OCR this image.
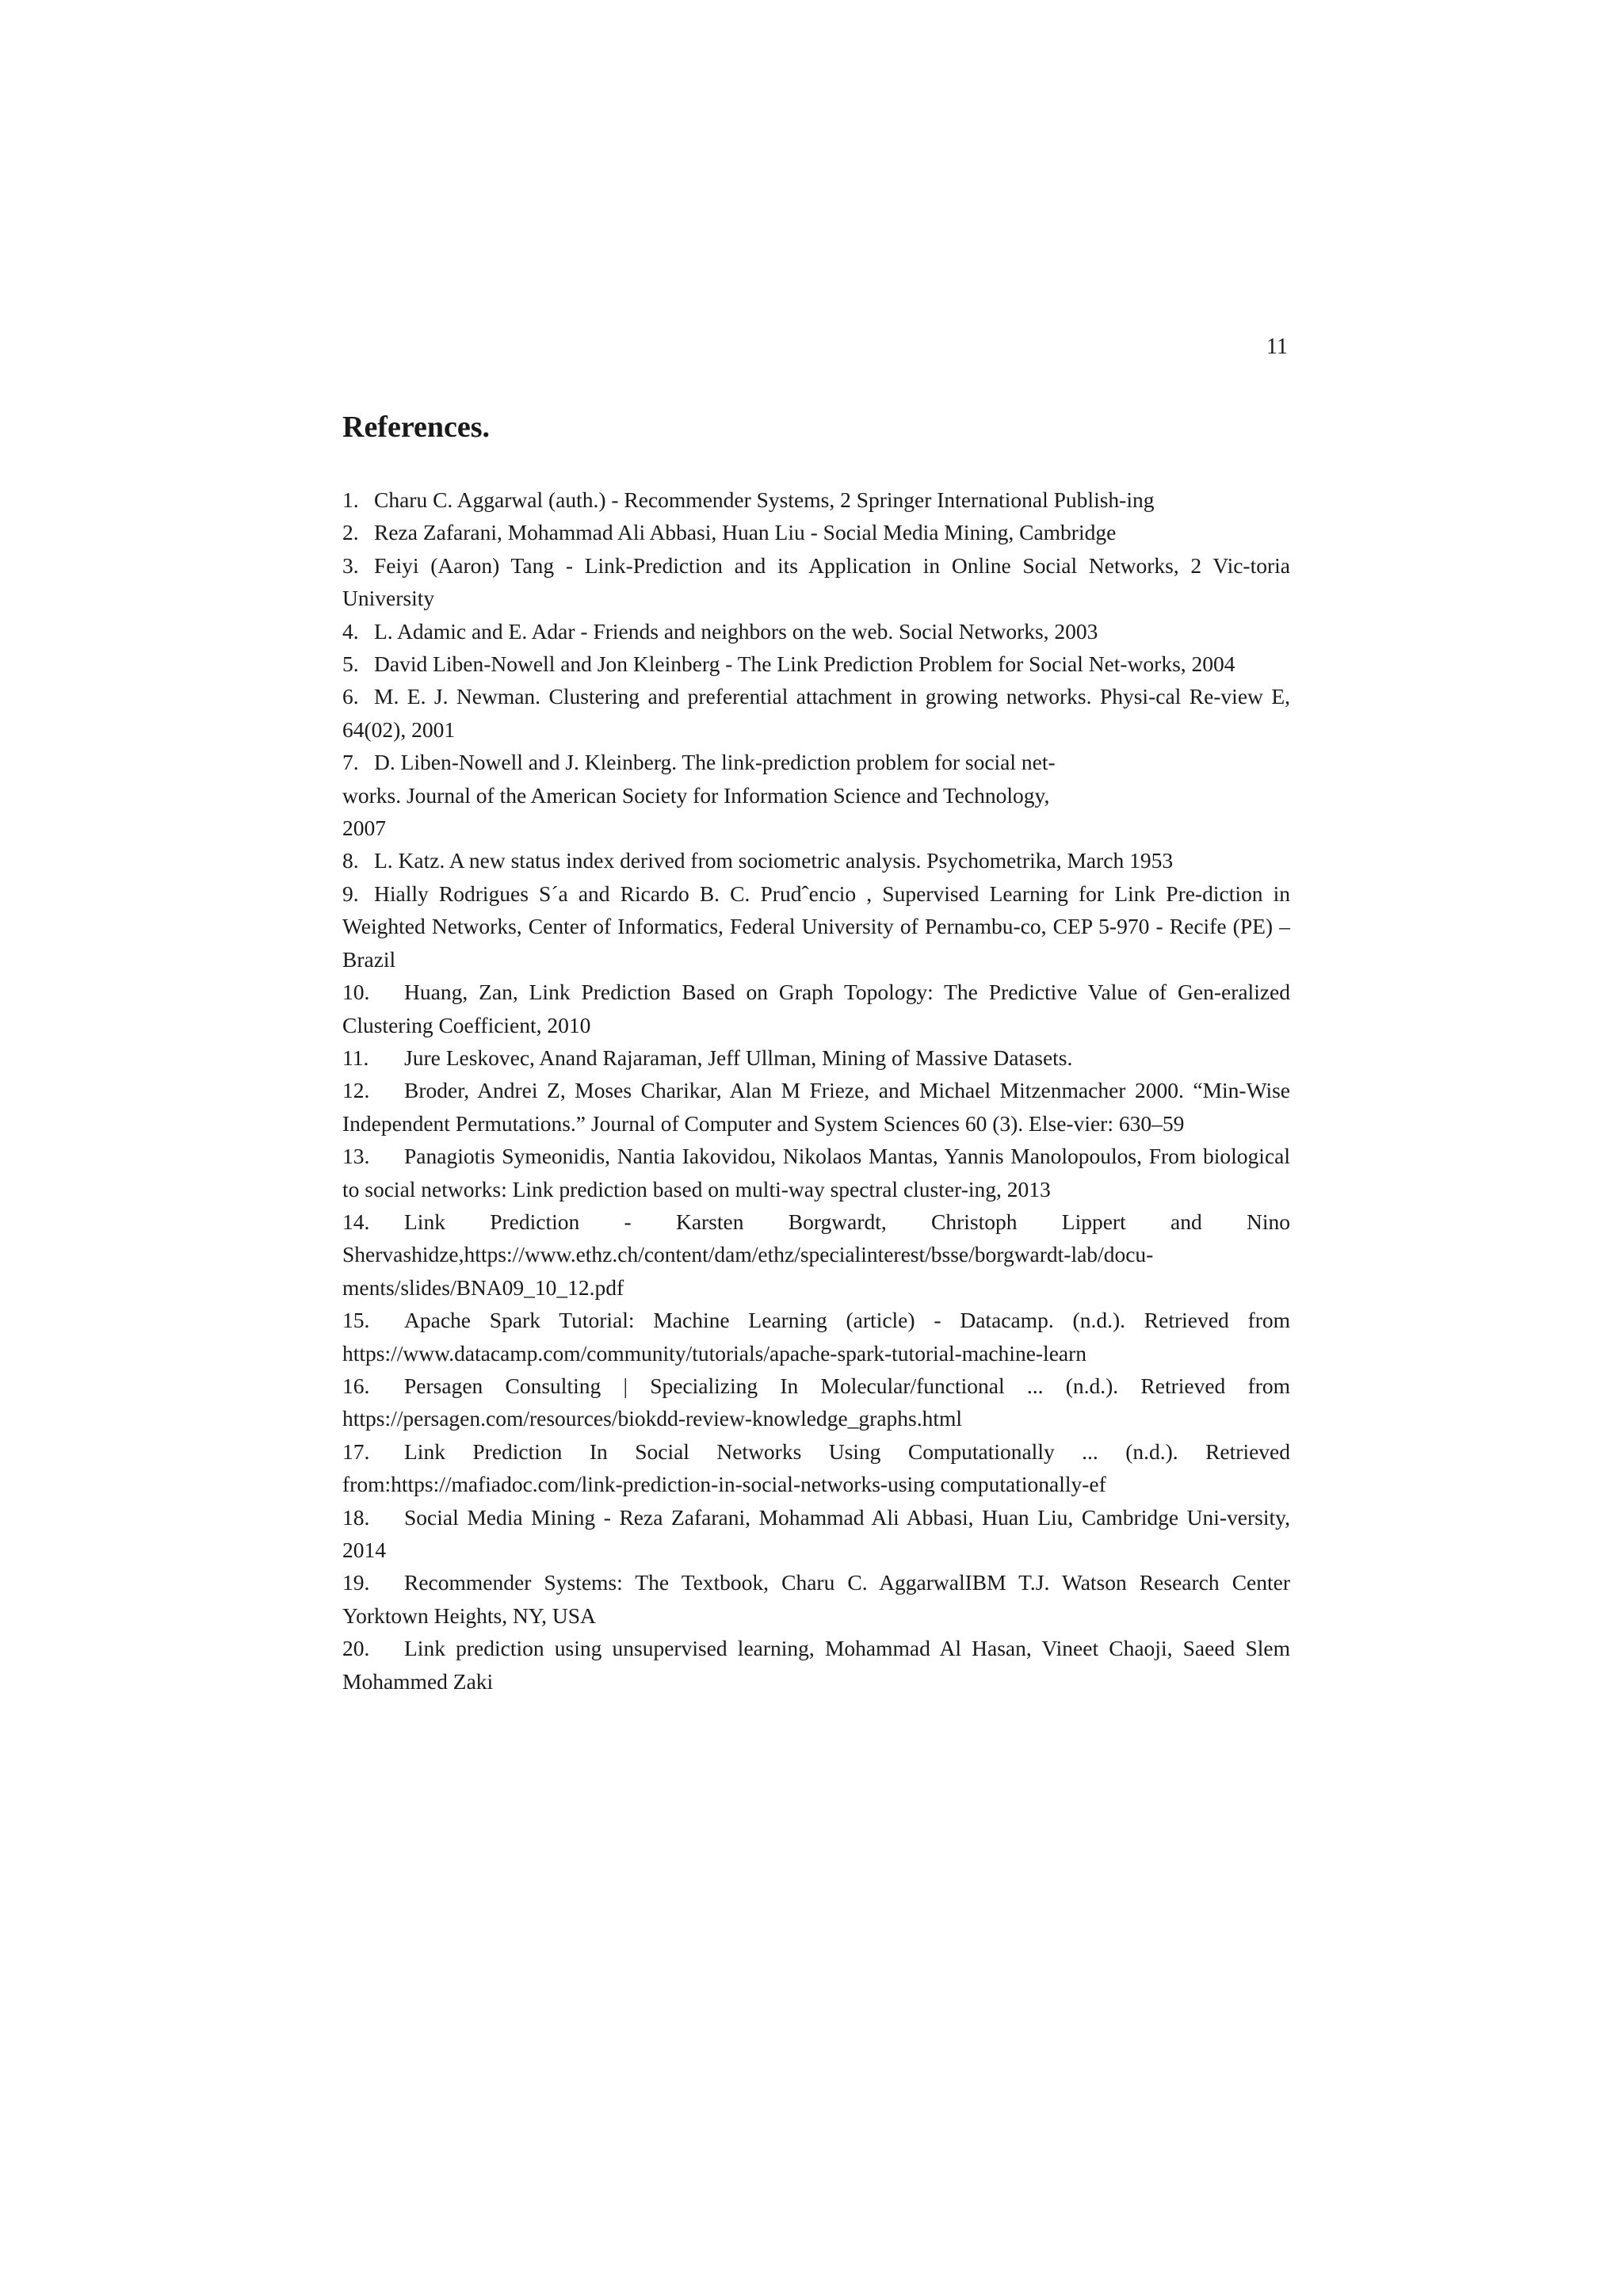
11
References.
1. Charu C. Aggarwal (auth.) - Recommender Systems, 2 Springer International Publish-ing
2. Reza Zafarani, Mohammad Ali Abbasi, Huan Liu - Social Media Mining, Cambridge
3. Feiyi (Aaron) Tang - Link-Prediction and its Application in Online Social Networks, 2 Vic-toria University
4. L. Adamic and E. Adar - Friends and neighbors on the web. Social Networks, 2003
5. David Liben-Nowell and Jon Kleinberg - The Link Prediction Problem for Social Net-works, 2004
6. M. E. J. Newman. Clustering and preferential attachment in growing networks. Physi-cal Re-view E, 64(02), 2001
7. D. Liben-Nowell and J. Kleinberg. The link-prediction problem for social net-
works. Journal of the American Society for Information Science and Technology,
2007
8. L. Katz. A new status index derived from sociometric analysis. Psychometrika, March 1953
9. Hially Rodrigues S´a and Ricardo B. C. Prudˆencio , Supervised Learning for Link Pre-diction in Weighted Networks, Center of Informatics, Federal University of Pernambu-co, CEP 5-970 - Recife (PE) – Brazil
10. Huang, Zan, Link Prediction Based on Graph Topology: The Predictive Value of Gen-eralized Clustering Coefficient, 2010
11. Jure Leskovec, Anand Rajaraman, Jeff Ullman, Mining of Massive Datasets.
12. Broder, Andrei Z, Moses Charikar, Alan M Frieze, and Michael Mitzenmacher 2000. “Min-Wise Independent Permutations.” Journal of Computer and System Sciences 60 (3). Else-vier: 630–59
13. Panagiotis Symeonidis, Nantia Iakovidou, Nikolaos Mantas, Yannis Manolopoulos, From biological to social networks: Link prediction based on multi-way spectral cluster-ing, 2013
14. Link Prediction - Karsten Borgwardt, Christoph Lippert and Nino Shervashidze,https://www.ethz.ch/content/dam/ethz/specialinterest/bsse/borgwardt-lab/docu-ments/slides/BNA09_10_12.pdf
15. Apache Spark Tutorial: Machine Learning (article) - Datacamp. (n.d.). Retrieved from https://www.datacamp.com/community/tutorials/apache-spark-tutorial-machine-learn
16. Persagen Consulting | Specializing In Molecular/functional ... (n.d.). Retrieved from https://persagen.com/resources/biokdd-review-knowledge_graphs.html
17. Link Prediction In Social Networks Using Computationally ... (n.d.). Retrieved from:https://mafiadoc.com/link-prediction-in-social-networks-using computationally-ef
18. Social Media Mining - Reza Zafarani, Mohammad Ali Abbasi, Huan Liu, Cambridge Uni-versity, 2014
19. Recommender Systems: The Textbook, Charu C. AggarwalIBM T.J. Watson Research Center Yorktown Heights, NY, USA
20. Link prediction using unsupervised learning, Mohammad Al Hasan, Vineet Chaoji, Saeed Slem Mohammed Zaki
